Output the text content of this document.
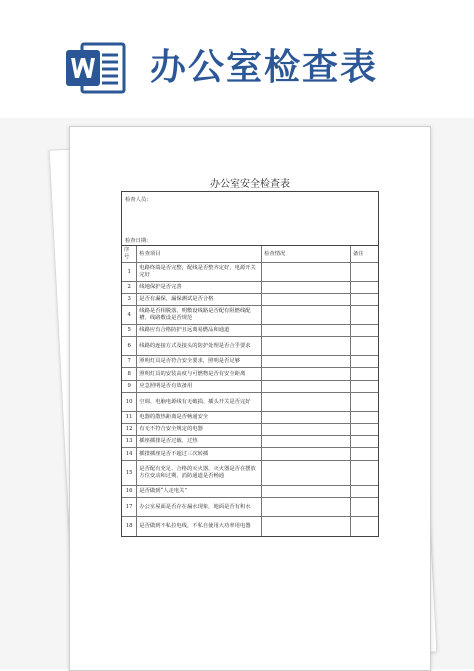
办公室检查表
办公室安全检查表
检查人员:
检查日期:
序号	检查项目	检查情况	备注
1	电路终端是否完整，配线是否整齐定好，电源开关完好		
2	线地保护是否完善		
3	是否有漏保，漏保测试是否合格		
4	线路是否相脱落，明敷设线路是否配有阻燃线配槽，线路敷设是否规范		
5	线路应有合格防护且远离易燃品和通道		
6	线路的连接方式及接头的防护处理是否合乎要求		
7	照明灯具是否符合安全要求，照明是否足够		
8	照明灯具的安装高度与可燃物是否有安全距离		
9	应急照明是否有效备用		
10	空调、电脑电源线有无破损、插头开关是否完好		
11	电器的散热距离是否畅通安全		
12	有无不符合安全规定的电器		
13	插座插排是否过载、过热		
14	插排插座是否不超过三次转插		
15	是否配有充足、合格的灭火器，灭火器是否在摆放方位变动和过期，消防通道是否畅通		
16	是否做到“人走电关”		
17	办公室屋面是否存在漏水现象，地面是否有积水		
18	是否做到不私拉电线，不私自使用大功率用电器		
